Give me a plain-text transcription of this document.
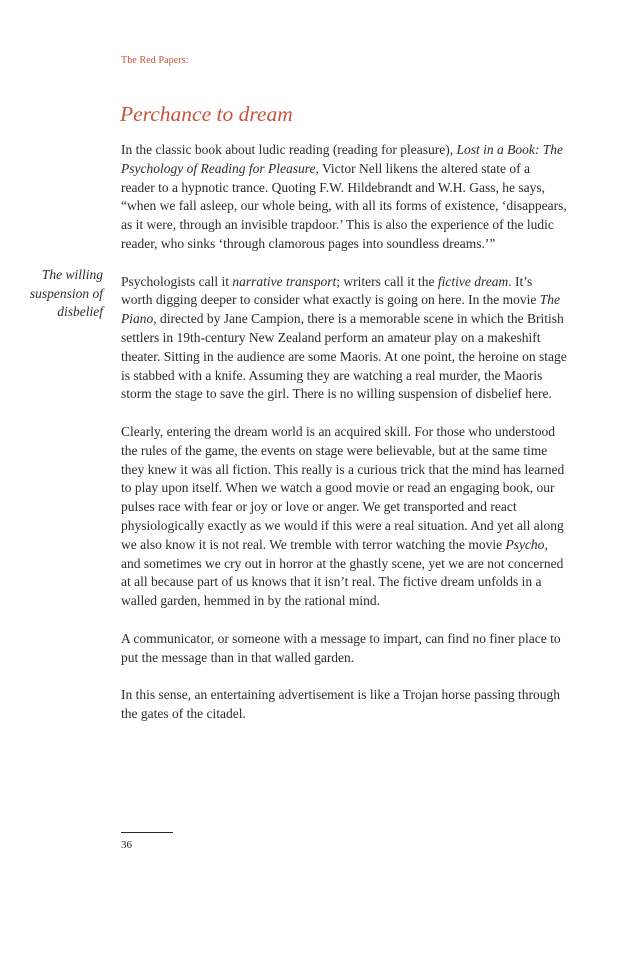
The Red Papers:
Perchance to dream
The willing
suspension of
disbelief

In the classic book about ludic reading (reading for pleasure), Lost in a Book: The Psychology of Reading for Pleasure, Victor Nell likens the altered state of a reader to a hypnotic trance. Quoting F.W. Hildebrandt and W.H. Gass, he says, “when we fall asleep, our whole being, with all its forms of existence, ‘disappears, as it were, through an invisible trapdoor.’ This is also the experience of the ludic reader, who sinks ‘through clamorous pages into soundless dreams.’”

Psychologists call it narrative transport; writers call it the fictive dream. It’s worth digging deeper to consider what exactly is going on here. In the movie The Piano, directed by Jane Campion, there is a memorable scene in which the British settlers in 19th-century New Zealand perform an amateur play on a makeshift theater. Sitting in the audience are some Maoris. At one point, the heroine on stage is stabbed with a knife. Assuming they are watching a real murder, the Maoris storm the stage to save the girl. There is no willing suspension of disbelief here.

Clearly, entering the dream world is an acquired skill. For those who understood the rules of the game, the events on stage were believable, but at the same time they knew it was all fiction. This really is a curious trick that the mind has learned to play upon itself. When we watch a good movie or read an engaging book, our pulses race with fear or joy or love or anger. We get transported and react physiologically exactly as we would if this were a real situation. And yet all along we also know it is not real. We tremble with terror watching the movie Psycho, and sometimes we cry out in horror at the ghastly scene, yet we are not concerned at all because part of us knows that it isn’t real. The fictive dream unfolds in a walled garden, hemmed in by the rational mind.

A communicator, or someone with a message to impart, can find no finer place to put the message than in that walled garden.

In this sense, an entertaining advertisement is like a Trojan horse passing through the gates of the citadel.

36
